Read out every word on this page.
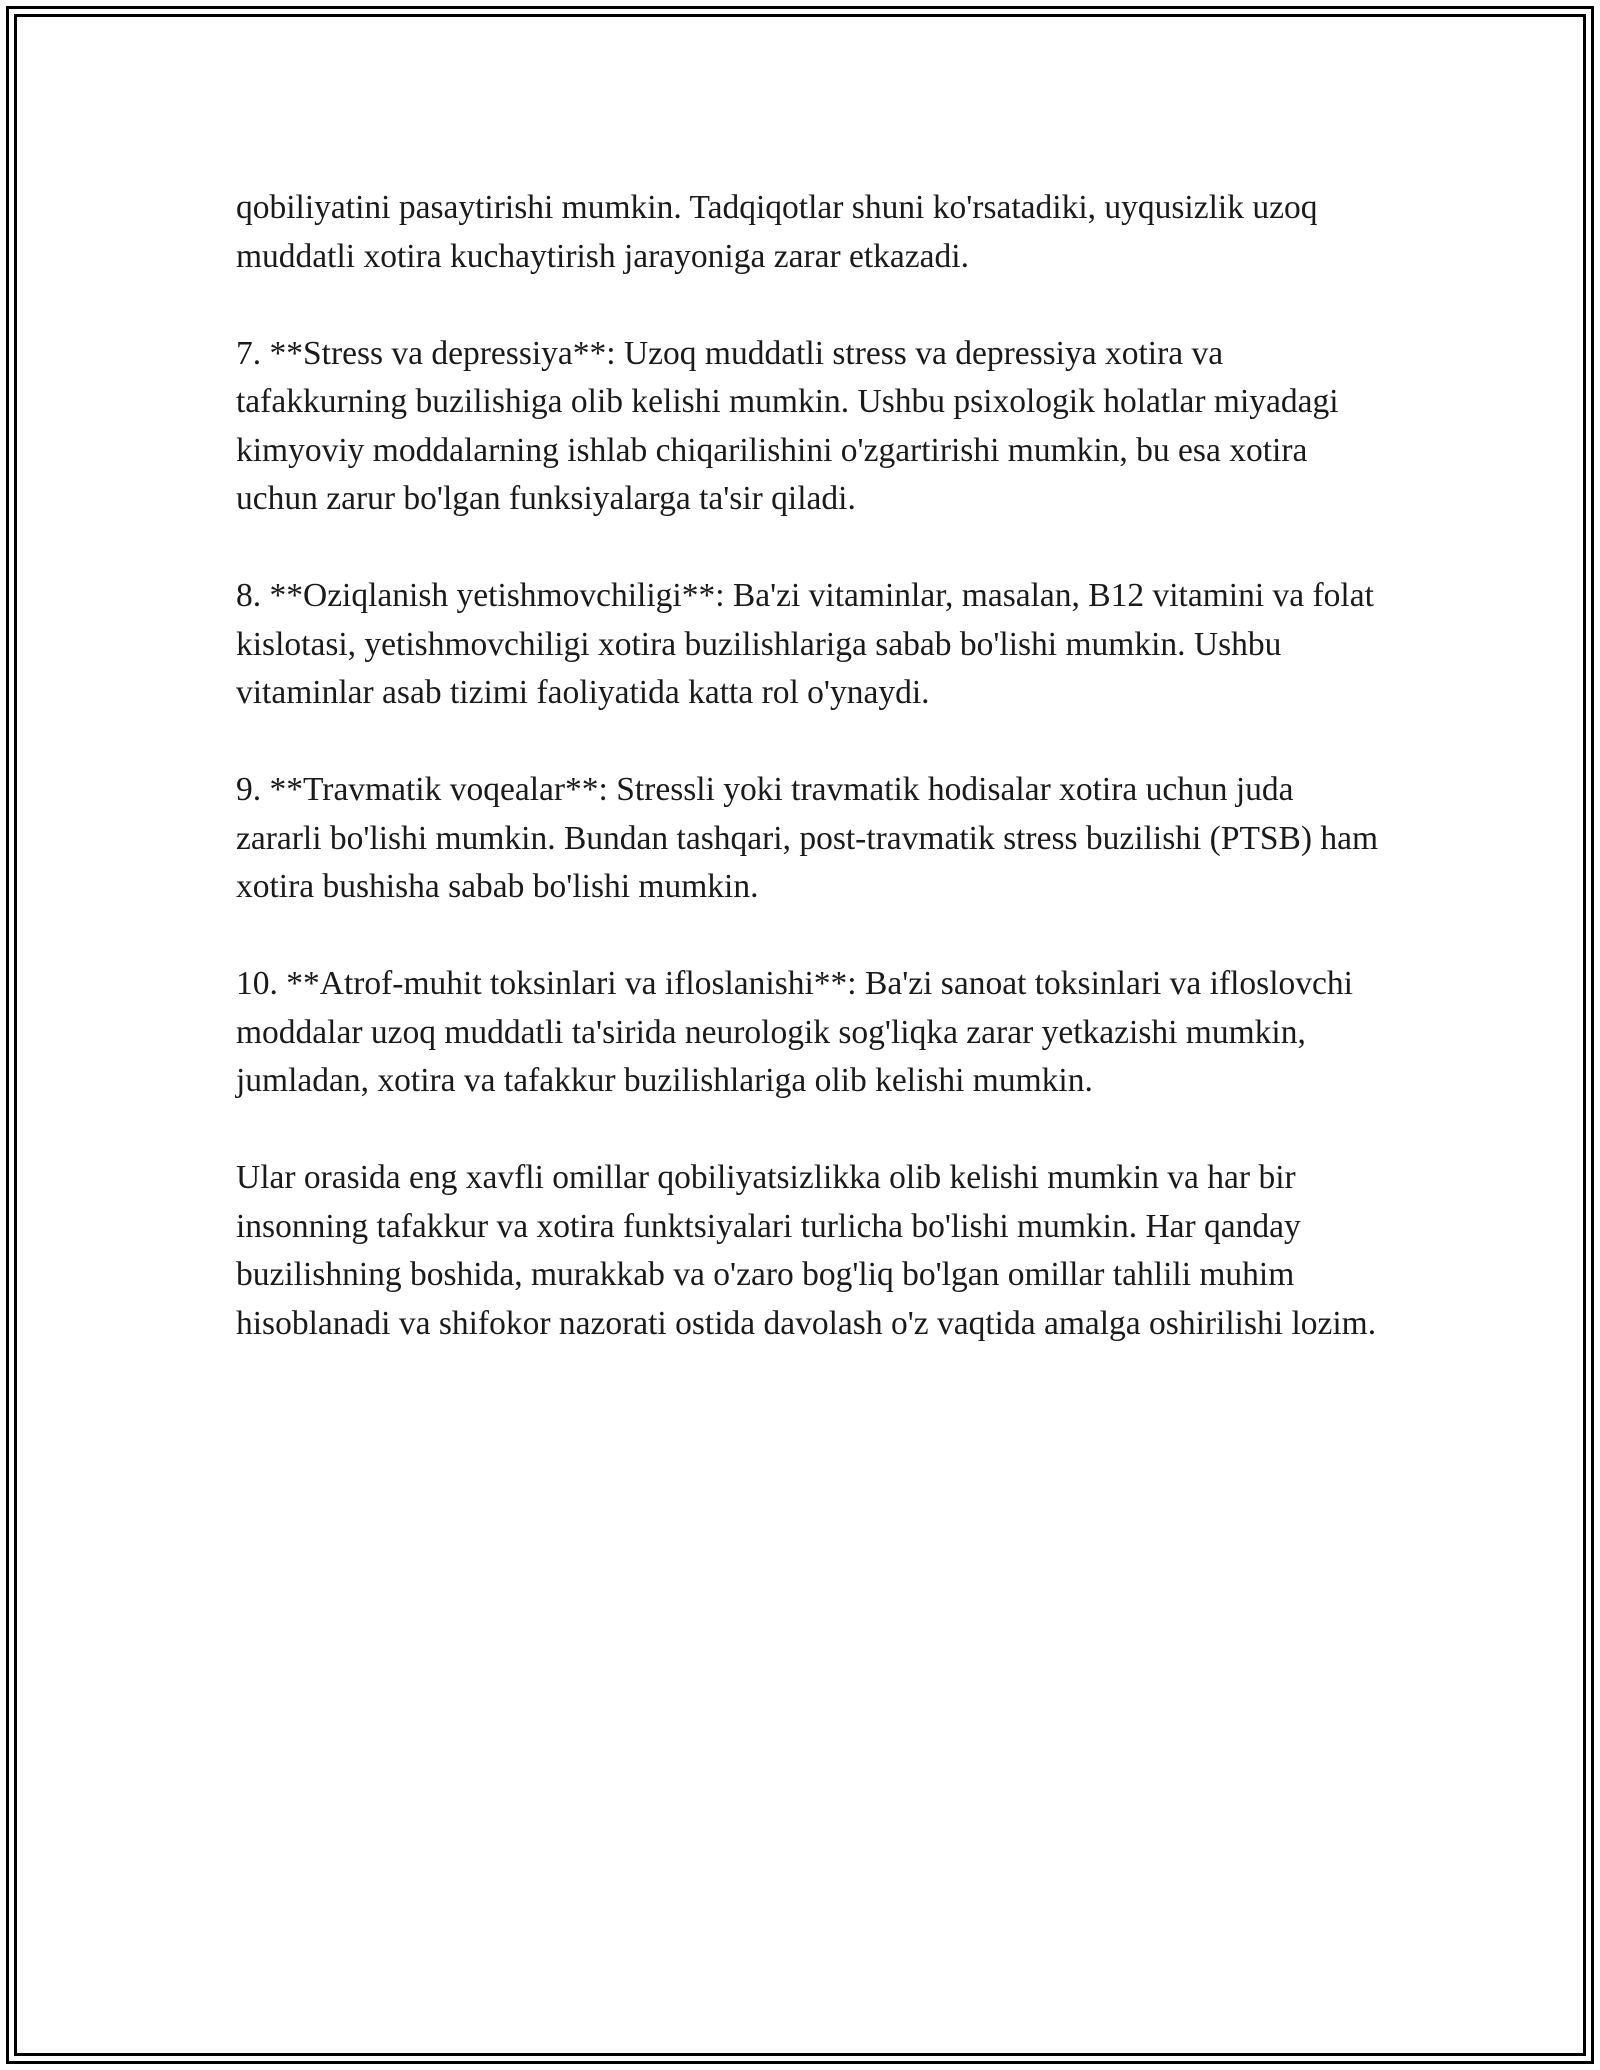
qobiliyatini pasaytirishi mumkin. Tadqiqotlar shuni ko'rsatadiki, uyqusizlik uzoq muddatli xotira kuchaytirish jarayoniga zarar etkazadi.

7. **Stress va depressiya**: Uzoq muddatli stress va depressiya xotira va tafakkurning buzilishiga olib kelishi mumkin. Ushbu psixologik holatlar miyadagi kimyoviy moddalarning ishlab chiqarilishini o'zgartirishi mumkin, bu esa xotira uchun zarur bo'lgan funksiyalarga ta'sir qiladi.

8. **Oziqlanish yetishmovchiligi**: Ba'zi vitaminlar, masalan, B12 vitamini va folat kislotasi, yetishmovchiligi xotira buzilishlariga sabab bo'lishi mumkin. Ushbu vitaminlar asab tizimi faoliyatida katta rol o'ynaydi.

9. **Travmatik voqealar**: Stressli yoki travmatik hodisalar xotira uchun juda zararli bo'lishi mumkin. Bundan tashqari, post-travmatik stress buzilishi (PTSB) ham xotira bushisha sabab bo'lishi mumkin.

10. **Atrof-muhit toksinlari va ifloslanishi**: Ba'zi sanoat toksinlari va ifloslovchi moddalar uzoq muddatli ta'sirida neurologik sog'liqka zarar yetkazishi mumkin, jumladan, xotira va tafakkur buzilishlariga olib kelishi mumkin.

Ular orasida eng xavfli omillar qobiliyatsizlikka olib kelishi mumkin va har bir insonning tafakkur va xotira funktsiyalari turlicha bo'lishi mumkin. Har qanday buzilishning boshida, murakkab va o'zaro bog'liq bo'lgan omillar tahlili muhim hisoblanadi va shifokor nazorati ostida davolash o'z vaqtida amalga oshirilishi lozim.
